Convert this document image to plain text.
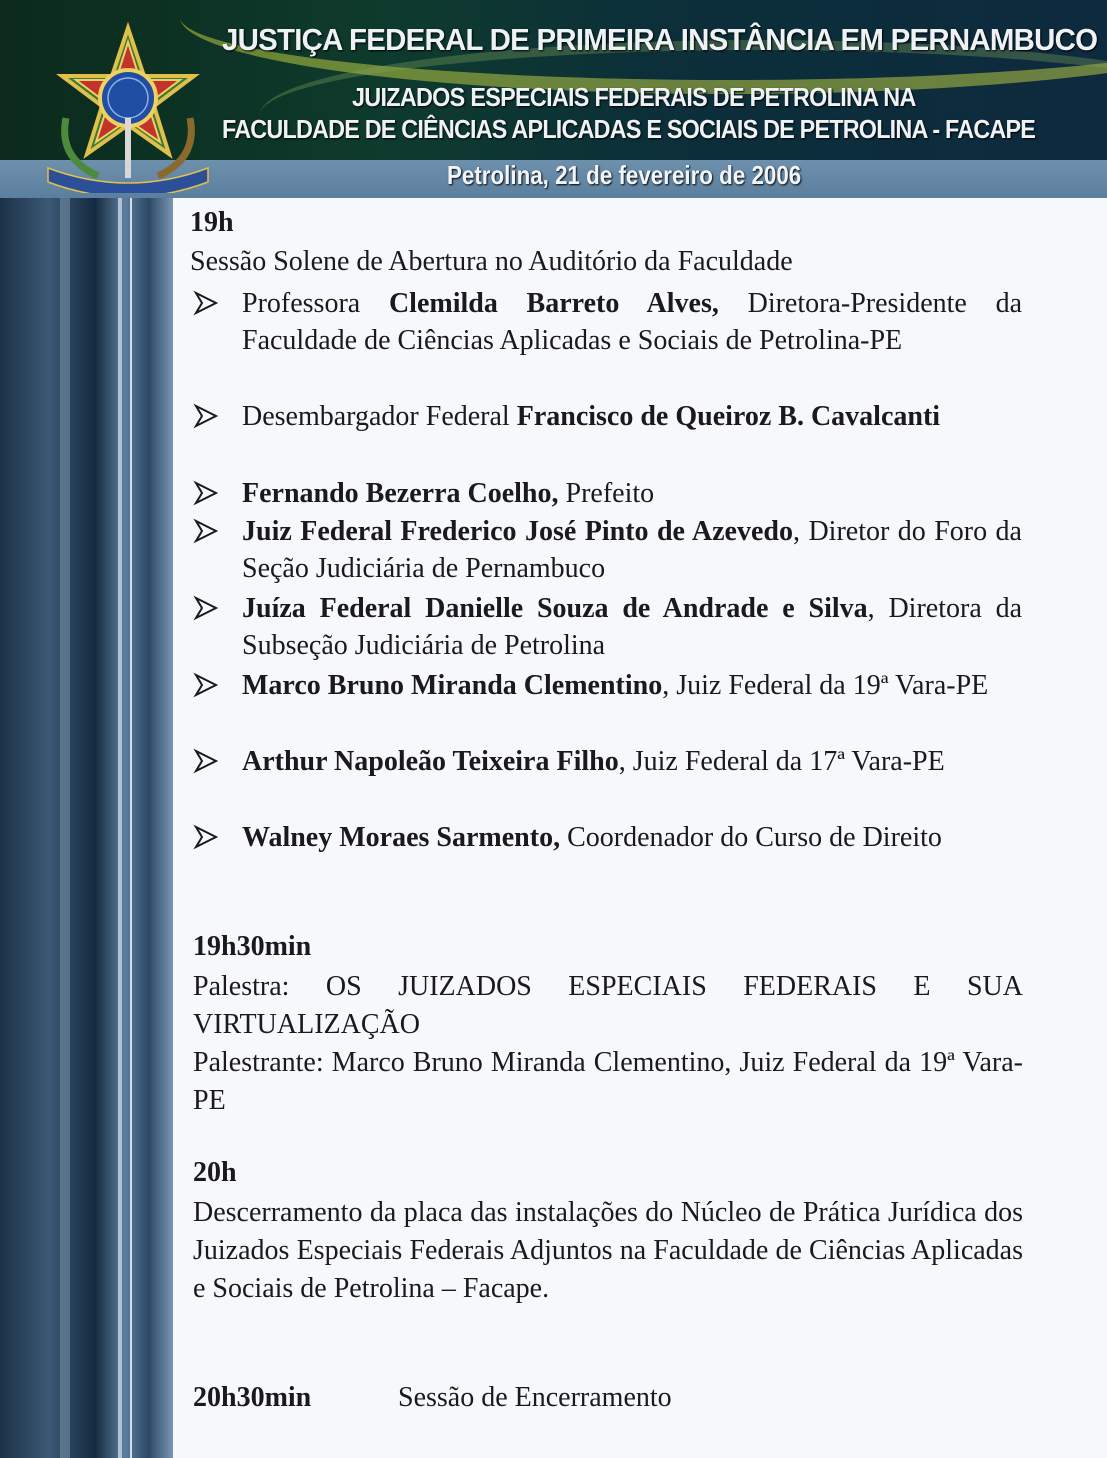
JUSTIÇA FEDERAL DE PRIMEIRA INSTÂNCIA EM PERNAMBUCO
JUIZADOS ESPECIAIS FEDERAIS DE PETROLINA NA
FACULDADE DE CIÊNCIAS APLICADAS E SOCIAIS DE PETROLINA - FACAPE
Petrolina, 21 de fevereiro de 2006
19h
Sessão Solene de Abertura no Auditório da Faculdade
Professora Clemilda Barreto Alves, Diretora-Presidente da Faculdade de Ciências Aplicadas e Sociais de Petrolina-PE
Desembargador Federal Francisco de Queiroz B. Cavalcanti
Fernando Bezerra Coelho, Prefeito
Juiz Federal Frederico José Pinto de Azevedo, Diretor do Foro da Seção Judiciária de Pernambuco
Juíza Federal Danielle Souza de Andrade e Silva, Diretora da Subseção Judiciária de Petrolina
Marco Bruno Miranda Clementino, Juiz Federal da 19ª Vara-PE
Arthur Napoleão Teixeira Filho, Juiz Federal da 17ª Vara-PE
Walney Moraes Sarmento, Coordenador do Curso de Direito
19h30min
Palestra: OS JUIZADOS ESPECIAIS FEDERAIS E SUA VIRTUALIZAÇÃO
Palestrante: Marco Bruno Miranda Clementino, Juiz Federal da 19ª Vara-PE
20h
Descerramento da placa das instalações do Núcleo de Prática Jurídica dos Juizados Especiais Federais Adjuntos na Faculdade de Ciências Aplicadas e Sociais de Petrolina – Facape.
20h30min	Sessão de Encerramento
